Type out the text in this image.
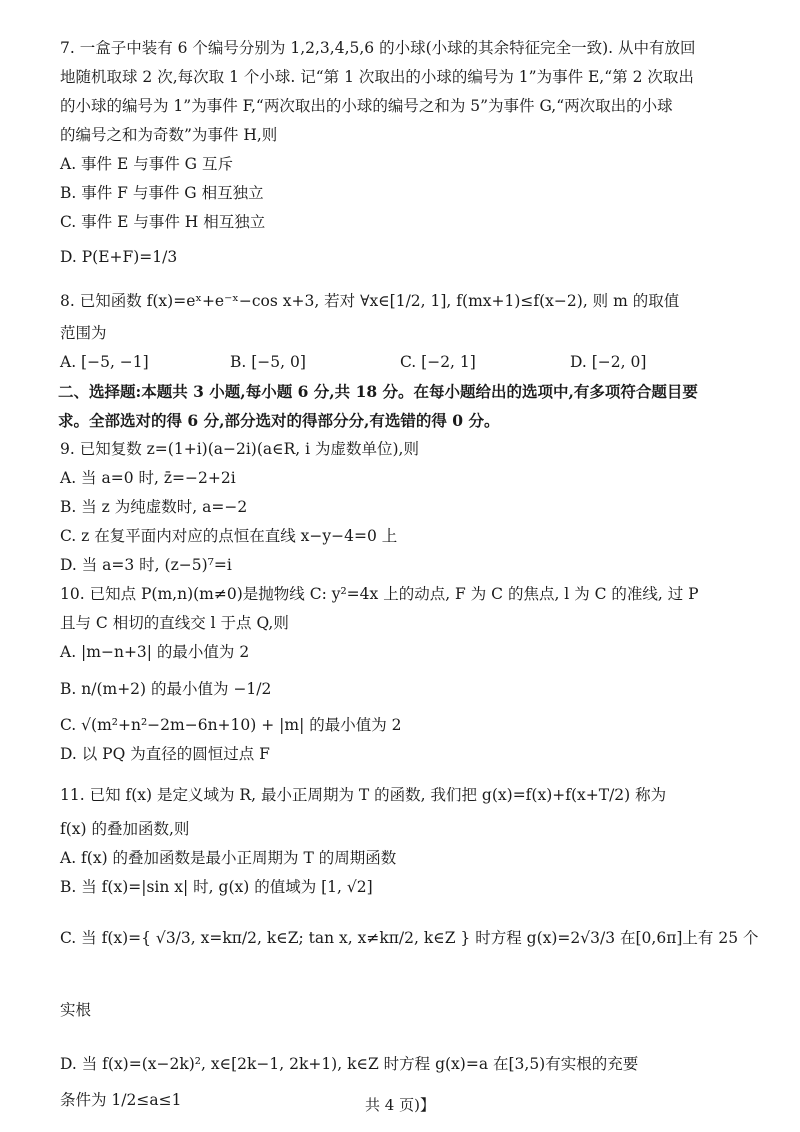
7. 一盒子中装有 6 个编号分别为 1,2,3,4,5,6 的小球(小球的其余特征完全一致). 从中有放回
地随机取球 2 次,每次取 1 个小球. 记“第 1 次取出的小球的编号为 1”为事件 E,“第 2 次取出
的小球的编号为 1”为事件 F,“两次取出的小球的编号之和为 5”为事件 G,“两次取出的小球
的编号之和为奇数”为事件 H,则
A. 事件 E 与事件 G 互斥
B. 事件 F 与事件 G 相互独立
C. 事件 E 与事件 H 相互独立
D. P(E+F)=1/3
8. 已知函数 f(x)=eˣ+e⁻ˣ−cos x+3, 若对 ∀x∈[1/2, 1], f(mx+1)≤f(x−2), 则 m 的取值
范围为
A. [−5, −1]	B. [−5, 0]	C. [−2, 1]	D. [−2, 0]
二、选择题:本题共 3 小题,每小题 6 分,共 18 分。在每小题给出的选项中,有多项符合题目要
求。全部选对的得 6 分,部分选对的得部分分,有选错的得 0 分。
9. 已知复数 z=(1+i)(a−2i)(a∈R, i 为虚数单位),则
A. 当 a=0 时, z̄=−2+2i
B. 当 z 为纯虚数时, a=−2
C. z 在复平面内对应的点恒在直线 x−y−4=0 上
D. 当 a=3 时, (z−5)⁷=i
10. 已知点 P(m,n)(m≠0)是抛物线 C: y²=4x 上的动点, F 为 C 的焦点, l 为 C 的准线, 过 P
且与 C 相切的直线交 l 于点 Q,则
A. |m−n+3| 的最小值为 2
B. n/(m+2) 的最小值为 −1/2
C. √(m²+n²−2m−6n+10) + |m| 的最小值为 2
D. 以 PQ 为直径的圆恒过点 F
11. 已知 f(x) 是定义域为 R, 最小正周期为 T 的函数, 我们把 g(x)=f(x)+f(x+T/2) 称为
f(x) 的叠加函数,则
A. f(x) 的叠加函数是最小正周期为 T 的周期函数
B. 当 f(x)=|sin x| 时, g(x) 的值域为 [1, √2]
C. 当 f(x)={ √3/3, x=kπ/2, k∈Z; tan x, x≠kπ/2, k∈Z } 时方程 g(x)=2√3/3 在[0,6π]上有 25 个实根
D. 当 f(x)=(x−2k)², x∈[2k−1, 2k+1), k∈Z 时方程 g(x)=a 在[3,5)有实根的充要
条件为 1/2≤a≤1	共 4 页)】
